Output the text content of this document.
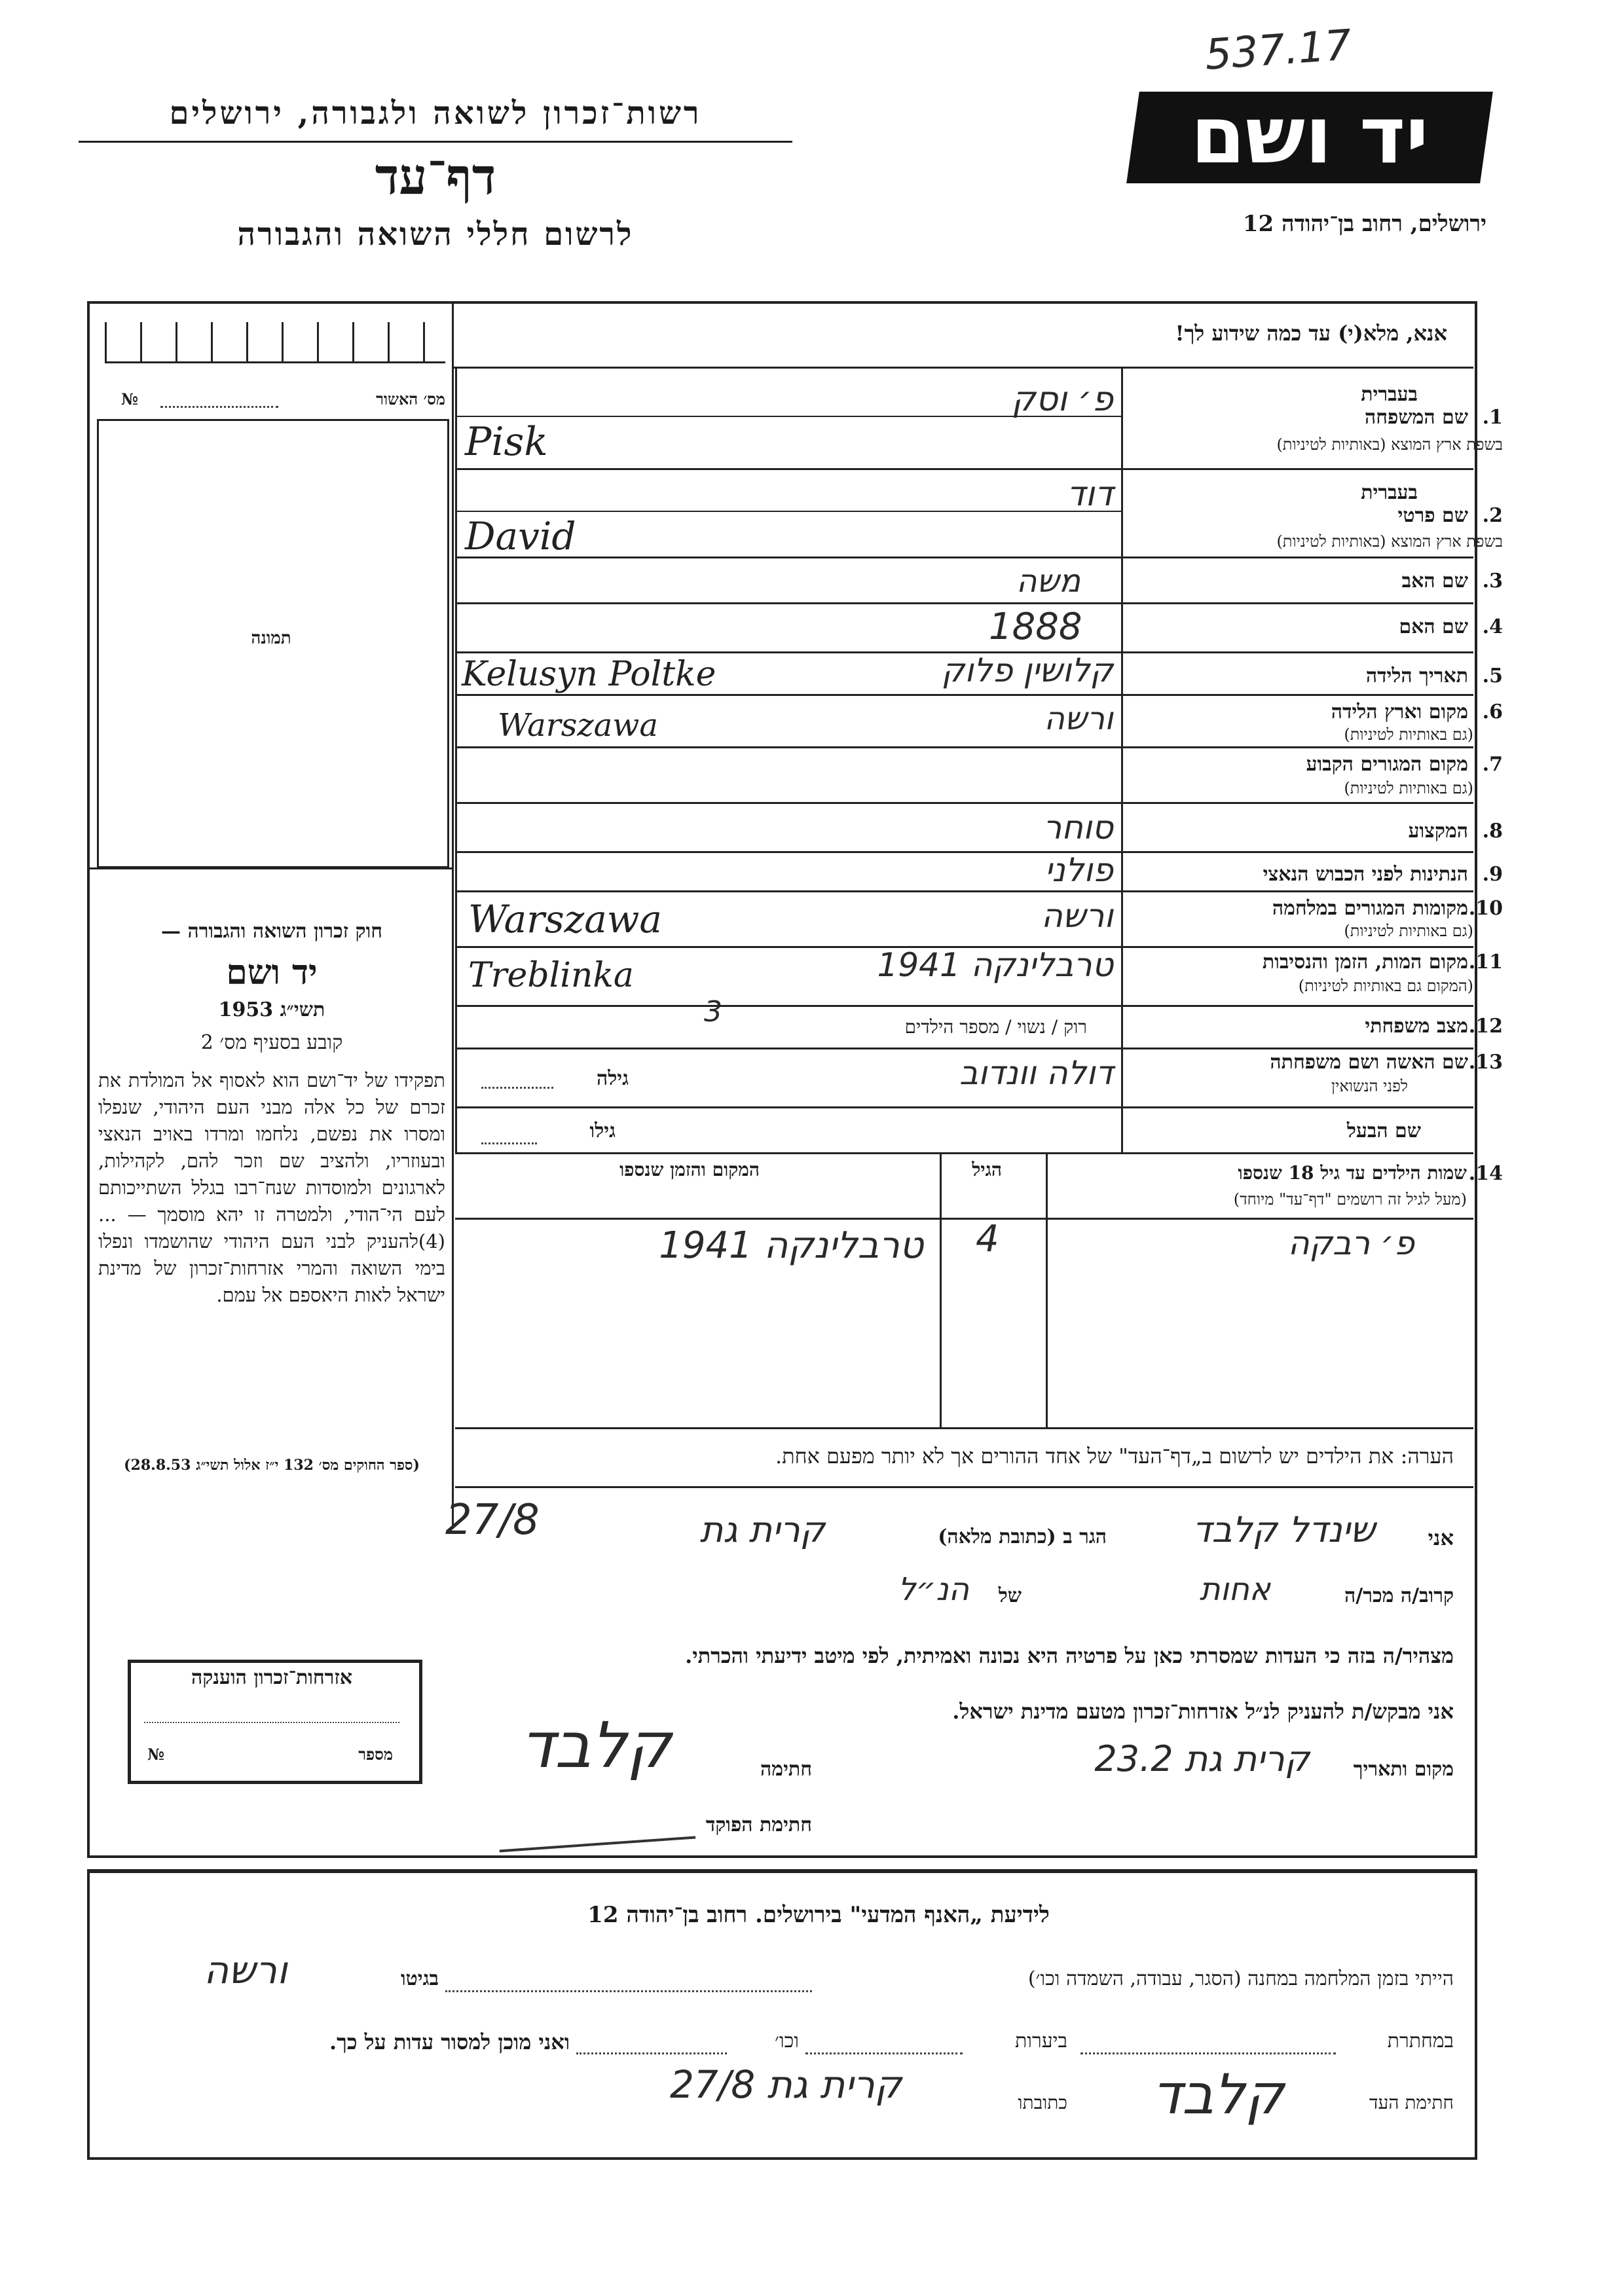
537.17
יד ושם
ירושלים, רחוב בן־יהודה 12
רשות־זכרון לשואה ולגבורה, ירושלים
דף־עד
לרשום חללי השואה והגבורה
אנא, מלא(י) עד כמה שידוע לך!
מס׳ האשור
№
תמונה
1.
שם המשפחה
בעברית
בשפת ארץ המוצא (באותיות לטיניות)
פ׳ וסק
Pisk
2.
שם פרטי
בעברית
בשפת ארץ המוצא (באותיות לטיניות)
דוד
David
3.
שם האב
משה
4.
שם האם
1888
5.
תאריך הלידה
קלושין פלוק
Kelusyn Poltke
6.
מקום וארץ הלידה
(גם באותיות לטיניות)
ורשה
Warszawa
7.
מקום המגורים הקבוע
(גם באותיות לטיניות)
8.
המקצוע
סוחר
9.
הנתינות לפני הכבוש הנאצי
פולני
10.
מקומות המגורים במלחמה
(גם באותיות לטיניות)
ורשה
Warszawa
11.
מקום המות, הזמן והנסיבות
(המקום גם באותיות לטיניות)
טרבלינקה 1941
Treblinka
12.
מצב משפחתי
רוק / נשוי / מספר הילדים
3
13.
שם האשה ושם משפחתה
לפני הנשואין
דולה וונדוב
גילה
שם הבעל
גילו
14.
שמות הילדים עד גיל 18 שנספו
(מעל לגיל זה רושמים "דף־עד" מיוחד)
הגיל
המקום והזמן שנספו
פ׳ רבקה
4
טרבלינקה 1941
הערה: את הילדים יש לרשום ב„דף־העד" של אחד ההורים אך לא יותר מפעם אחת.
חוק זכרון השואה והגבורה —
יד ושם
תשי״ג 1953
קובע בסעיף מס׳ 2
תפקידו של יד־ושם הוא לאסוף אל המולדת את זכרם של כל אלה מבני העם היהודי, שנפלו ומסרו את נפשם, נלחמו ומרדו באויב הנאצי ובעוזריו, ולהציב שם וזכר להם, לקהילות, לארגונים ולמוסדות שנח־רבו בגלל השתייכותם לעם הי־הודי, ולמטרה זו יהא מוסמך — ...(4)להעניק לבני העם היהודי שהושמדו ונפלו בימי השואה והמרי אזרחות־זכרון של מדינת ישראל לאות היאספם אל עמם.
(ספר החוקים מס׳ 132 י״ז אלול תשי״ג 28.8.53)
אזרחות־זכרון הוענקה
מספר
№
אני
שינדל קלבד
הגר ב (כתובת מלאה)
קרית גת
27/8
קרוב/ה מכר/ה
אחות
של
הנ״ל
מצהיר/ה בזה כי העדות שמסרתי כאן על פרטיה היא נכונה ואמיתית, לפי מיטב ידיעתי והכרתי.
אני מבקש/ת להעניק לנ״ל אזרחות־זכרון מטעם מדינת ישראל.
מקום ותאריך
קרית גת 23.2
חתימה
קלבד
חתימת הפוקד
לידיעת „האנף המדעי" בירושלים. רחוב בן־יהודה 12
הייתי בזמן המלחמה במחנה (הסגר, עבודה, השמדה וכו׳)
בגיטו
ורשה
במחתרת
ביערות
וכו׳
ואני מוכן למסור עדות על כך.
חתימת העד
קלבד
כתובתו
קרית גת 27/8
